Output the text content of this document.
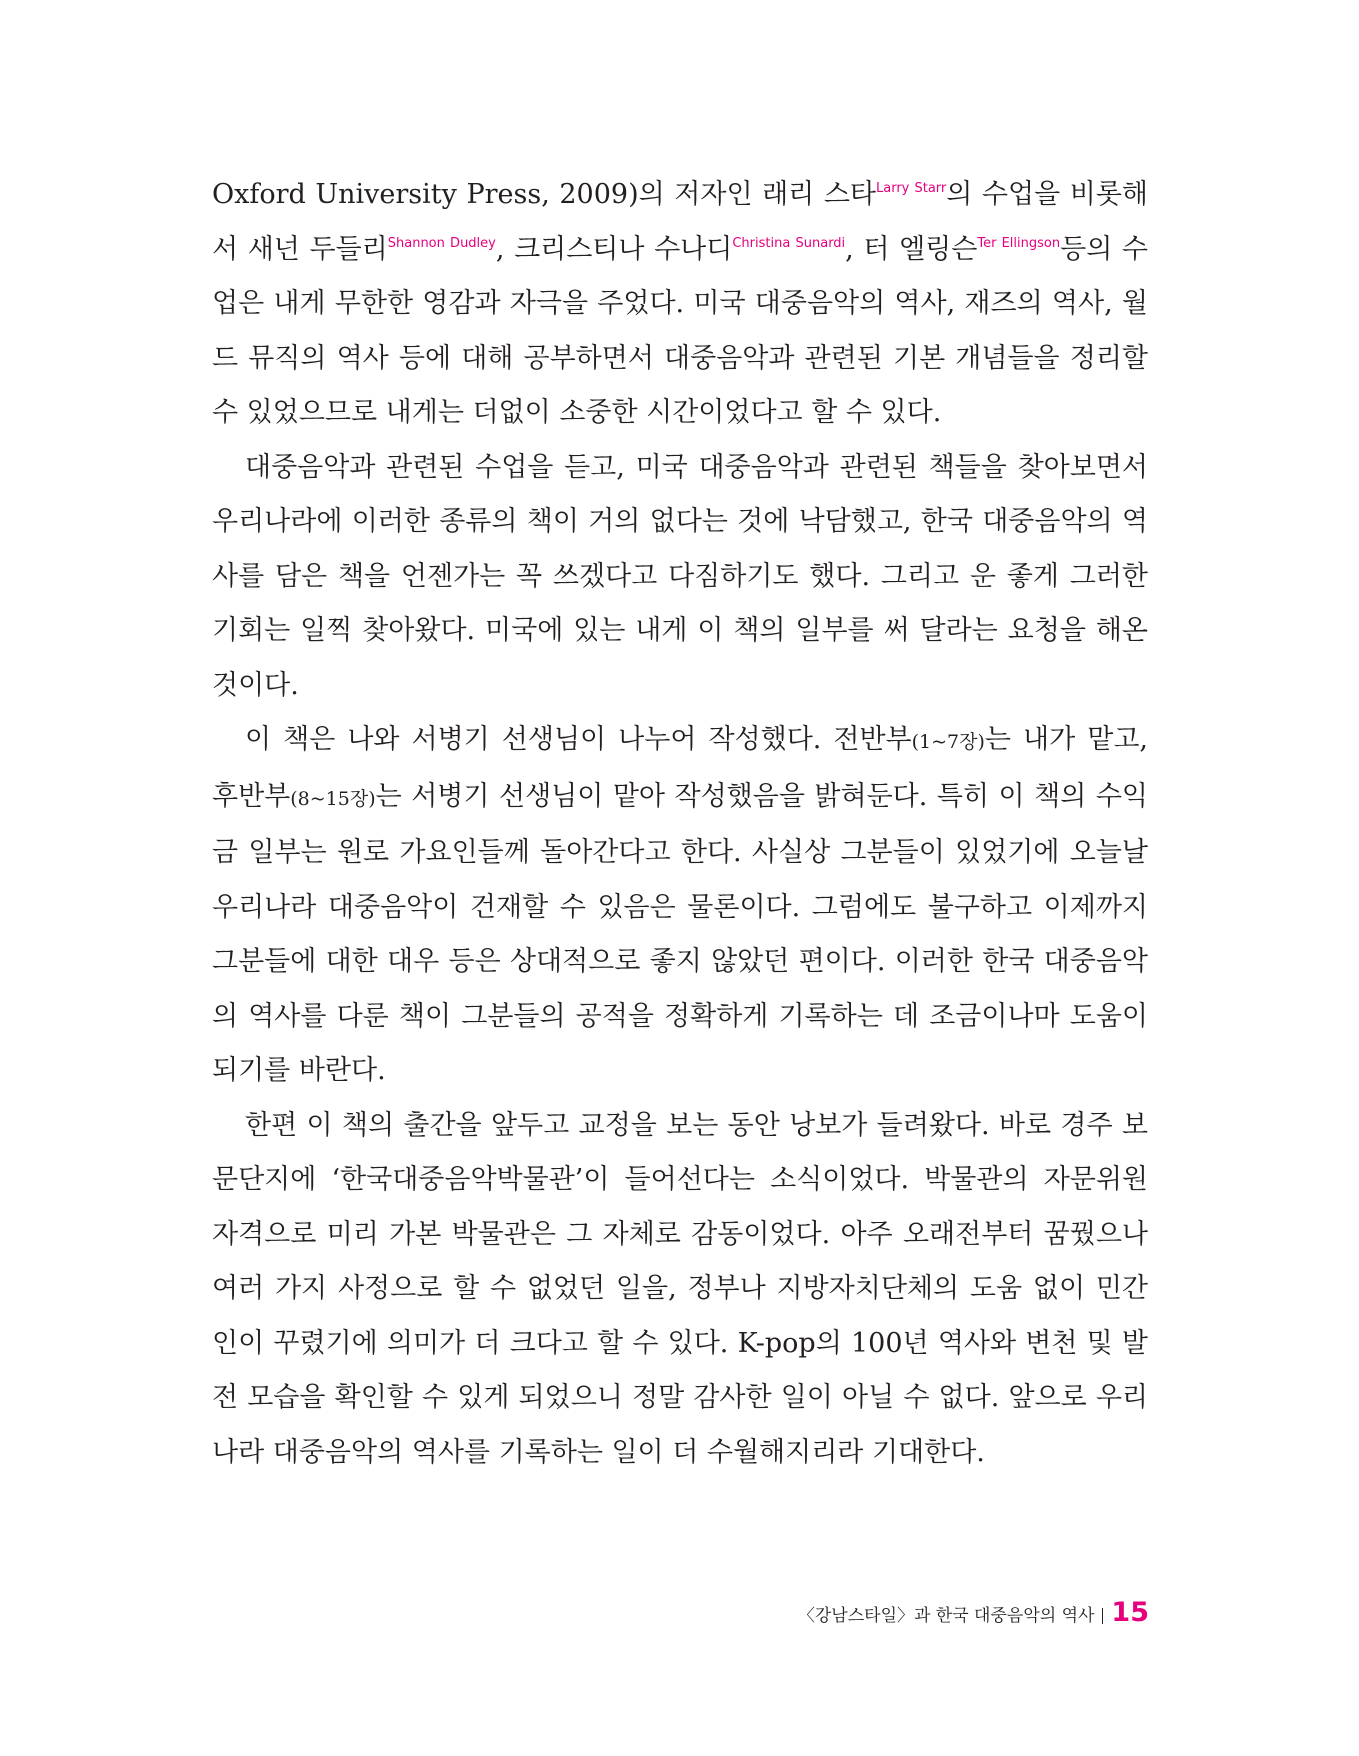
Oxford University Press, 2009)의 저자인 래리 스타$^{Larry Starr}$의 수업을 비롯해서 새넌 두들리$^{Shannon Dudley}$, 크리스티나 수나디$^{Christina Sunardi}$, 터 엘링슨$^{Ter Ellingson}$등의 수업은 내게 무한한 영감과 자극을 주었다. 미국 대중음악의 역사, 재즈의 역사, 월드 뮤직의 역사 등에 대해 공부하면서 대중음악과 관련된 기본 개념들을 정리할 수 있었으므로 내게는 더없이 소중한 시간이었다고 할 수 있다.

대중음악과 관련된 수업을 듣고, 미국 대중음악과 관련된 책들을 찾아보면서 우리나라에 이러한 종류의 책이 거의 없다는 것에 낙담했고, 한국 대중음악의 역사를 담은 책을 언젠가는 꼭 쓰겠다고 다짐하기도 했다. 그리고 운 좋게 그러한 기회는 일찍 찾아왔다. 미국에 있는 내게 이 책의 일부를 써 달라는 요청을 해온 것이다.

이 책은 나와 서병기 선생님이 나누어 작성했다. 전반부(1~7장)는 내가 맡고, 후반부(8~15장)는 서병기 선생님이 맡아 작성했음을 밝혀둔다. 특히 이 책의 수익금 일부는 원로 가요인들께 돌아간다고 한다. 사실상 그분들이 있었기에 오늘날 우리나라 대중음악이 건재할 수 있음은 물론이다. 그럼에도 불구하고 이제까지 그분들에 대한 대우 등은 상대적으로 좋지 않았던 편이다. 이러한 한국 대중음악의 역사를 다룬 책이 그분들의 공적을 정확하게 기록하는 데 조금이나마 도움이 되기를 바란다.

한편 이 책의 출간을 앞두고 교정을 보는 동안 낭보가 들려왔다. 바로 경주 보문단지에 ‘한국대중음악박물관’이 들어선다는 소식이었다. 박물관의 자문위원 자격으로 미리 가본 박물관은 그 자체로 감동이었다. 아주 오래전부터 꿈꿨으나 여러 가지 사정으로 할 수 없었던 일을, 정부나 지방자치단체의 도움 없이 민간인이 꾸렸기에 의미가 더 크다고 할 수 있다. K-pop의 100년 역사와 변천 및 발전 모습을 확인할 수 있게 되었으니 정말 감사한 일이 아닐 수 없다. 앞으로 우리나라 대중음악의 역사를 기록하는 일이 더 수월해지리라 기대한다.

〈강남스타일〉과 한국 대중음악의 역사 15
